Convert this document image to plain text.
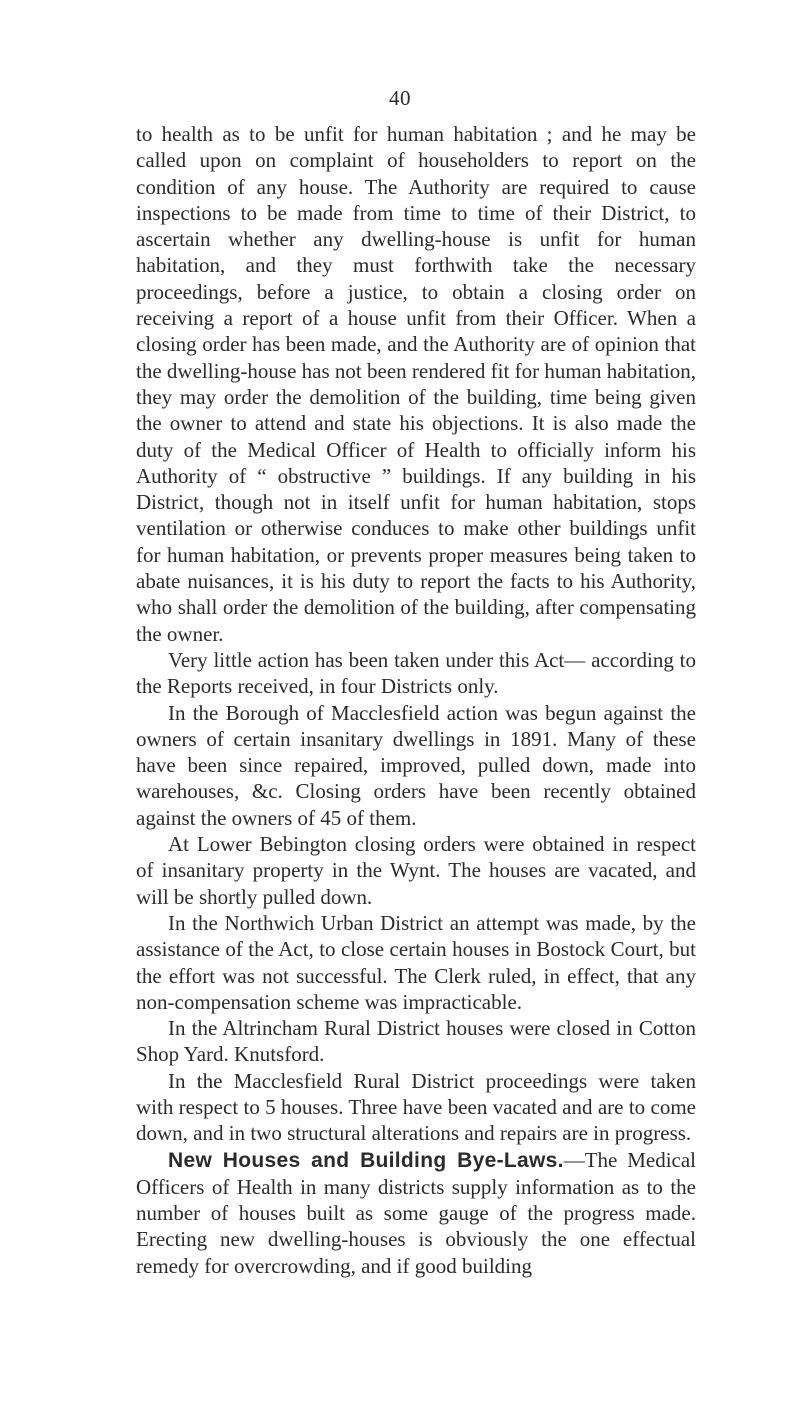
40

to health as to be unfit for human habitation ; and he may be called upon on complaint of householders to report on the condition of any house. The Authority are required to cause inspections to be made from time to time of their District, to ascertain whether any dwelling-house is unfit for human habitation, and they must forthwith take the necessary proceedings, before a justice, to obtain a closing order on receiving a report of a house unfit from their Officer. When a closing order has been made, and the Authority are of opinion that the dwelling-house has not been rendered fit for human habitation, they may order the demolition of the building, time being given the owner to attend and state his objections. It is also made the duty of the Medical Officer of Health to officially inform his Authority of “ obstructive ” buildings. If any building in his District, though not in itself unfit for human habitation, stops ventilation or otherwise conduces to make other buildings unfit for human habitation, or prevents proper measures being taken to abate nuisances, it is his duty to report the facts to his Authority, who shall order the demolition of the building, after compensating the owner.

Very little action has been taken under this Act— according to the Reports received, in four Districts only.

In the Borough of Macclesfield action was begun against the owners of certain insanitary dwellings in 1891. Many of these have been since repaired, improved, pulled down, made into warehouses, &c. Closing orders have been recently obtained against the owners of 45 of them.

At Lower Bebington closing orders were obtained in respect of insanitary property in the Wynt. The houses are vacated, and will be shortly pulled down.

In the Northwich Urban District an attempt was made, by the assistance of the Act, to close certain houses in Bostock Court, but the effort was not successful. The Clerk ruled, in effect, that any non-compensation scheme was impracticable.

In the Altrincham Rural District houses were closed in Cotton Shop Yard. Knutsford.

In the Macclesfield Rural District proceedings were taken with respect to 5 houses. Three have been vacated and are to come down, and in two structural alterations and repairs are in progress.

New Houses and Building Bye-Laws.—The Medical Officers of Health in many districts supply information as to the number of houses built as some gauge of the progress made. Erecting new dwelling-houses is obviously the one effectual remedy for overcrowding, and if good building
